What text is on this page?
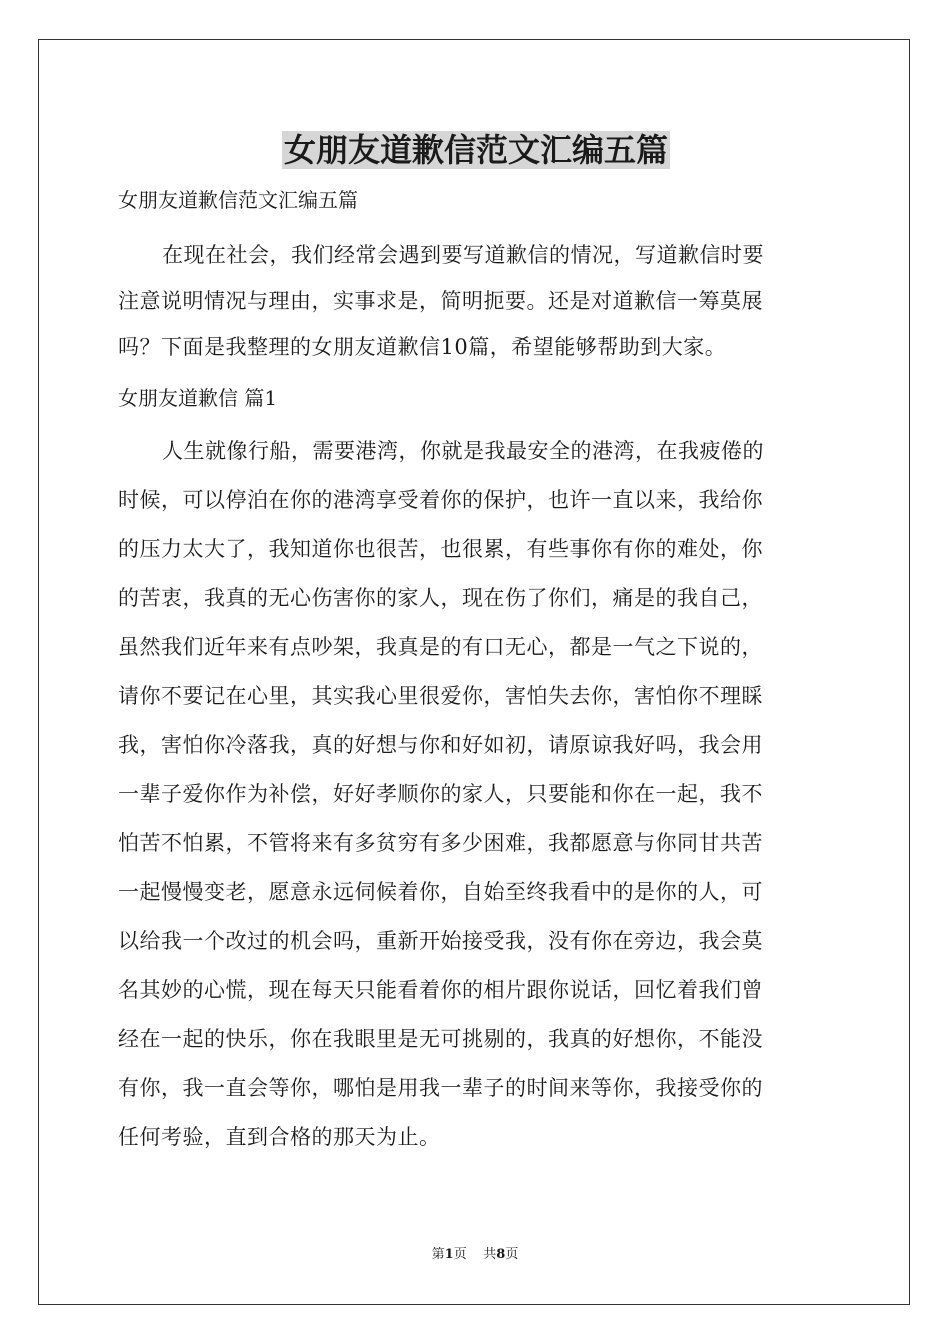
女朋友道歉信范文汇编五篇

女朋友道歉信范文汇编五篇

在现在社会，我们经常会遇到要写道歉信的情况，写道歉信时要
注意说明情况与理由，实事求是，简明扼要。还是对道歉信一筹莫展
吗？下面是我整理的女朋友道歉信10篇，希望能够帮助到大家。

女朋友道歉信 篇1

人生就像行船，需要港湾，你就是我最安全的港湾，在我疲倦的
时候，可以停泊在你的港湾享受着你的保护，也许一直以来，我给你
的压力太大了，我知道你也很苦，也很累，有些事你有你的难处，你
的苦衷，我真的无心伤害你的家人，现在伤了你们，痛是的我自己，
虽然我们近年来有点吵架，我真是的有口无心，都是一气之下说的，
请你不要记在心里，其实我心里很爱你，害怕失去你，害怕你不理睬
我，害怕你冷落我，真的好想与你和好如初，请原谅我好吗，我会用
一辈子爱你作为补偿，好好孝顺你的家人，只要能和你在一起，我不
怕苦不怕累，不管将来有多贫穷有多少困难，我都愿意与你同甘共苦
一起慢慢变老，愿意永远伺候着你，自始至终我看中的是你的人，可
以给我一个改过的机会吗，重新开始接受我，没有你在旁边，我会莫
名其妙的心慌，现在每天只能看着你的相片跟你说话，回忆着我们曾
经在一起的快乐，你在我眼里是无可挑剔的，我真的好想你，不能没
有你，我一直会等你，哪怕是用我一辈子的时间来等你，我接受你的
任何考验，直到合格的那天为止。

第1页 共8页
